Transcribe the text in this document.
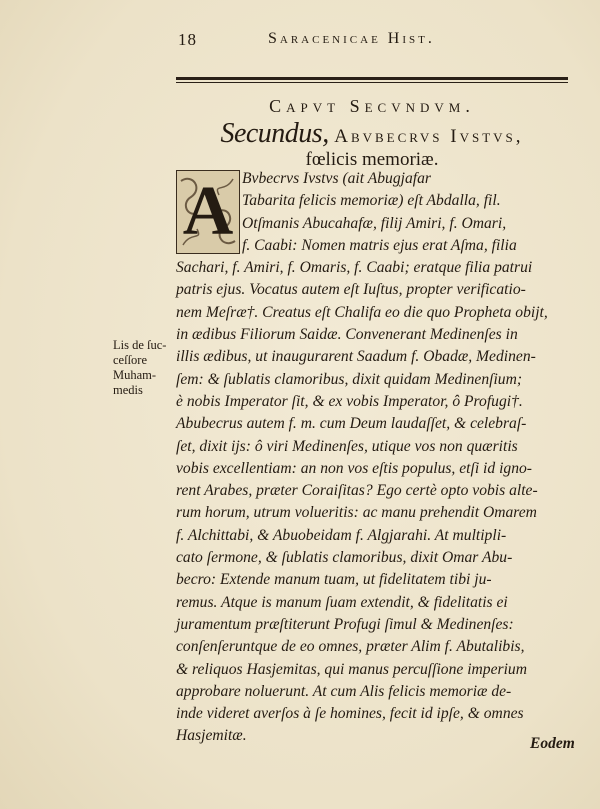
18	Saracenicae Hist.
Capvt Secvndvm.
Secundus, Abvbecrvs Ivstvs,
fœlicis memoriæ.
A Bvbecrvs Ivstvs (ait Abugjafar
Tabarita felicis memoriæ) eſt Abdalla, fil.
Otſmanis Abucahafæ, filij Amiri, f. Omari,
f. Caabi: Nomen matris ejus erat Aſma, filia
Sachari, f. Amiri, f. Omaris, f. Caabi; eratque filia patrui
patris ejus. Vocatus autem eſt Iuſtus, propter verificatio-
nem Meſræ†. Creatus eſt Chalifa eo die quo Propheta obijt,
in ædibus Filiorum Saidæ. Convenerant Medinenſes in
illis ædibus, ut inaugurarent Saadum f. Obadæ, Medinen-
ſem: & ſublatis clamoribus, dixit quidam Medinenſium;
è nobis Imperator ſit, & ex vobis Imperator, ô Profugi†.
Abubecrus autem f. m. cum Deum laudaſſet, & celebraſ-
ſet, dixit ijs: ô viri Medinenſes, utique vos non quæritis
vobis excellentiam: an non vos eſtis populus, etſi id igno-
rent Arabes, præter Coraiſitas? Ego certè opto vobis alte-
rum horum, utrum volueritis: ac manu prehendit Omarem
f. Alchittabi, & Abuobeidam f. Algjarahi. At multipli-
cato ſermone, & ſublatis clamoribus, dixit Omar Abu-
becro: Extende manum tuam, ut fidelitatem tibi ju-
remus. Atque is manum ſuam extendit, & fidelitatis ei
juramentum præſtiterunt Profugi ſimul & Medinenſes:
conſenſeruntque de eo omnes, præter Alim f. Abutalibis,
& reliquos Hasjemitas, qui manus percuſſione imperium
approbare noluerunt. At cum Alis felicis memoriæ de-
inde videret averſos à ſe homines, fecit id ipſe, & omnes
Hasjemitæ.
Lis de ſuc-
ceſſore
Muham-
medis
Eodem
